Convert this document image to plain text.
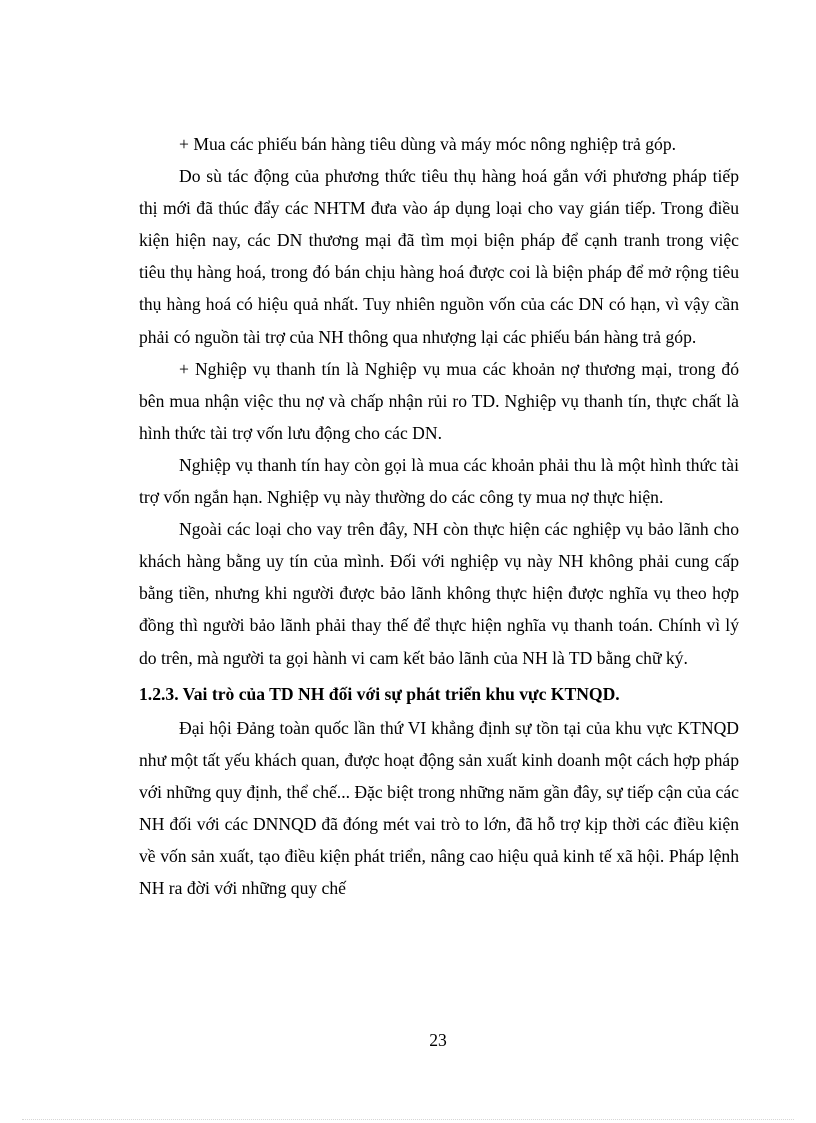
+ Mua các phiếu bán hàng tiêu dùng và máy móc nông nghiệp trả góp.

Do sù tác động của phương thức tiêu thụ hàng hoá gắn với phương pháp tiếp thị mới đã thúc đẩy các NHTM đưa vào áp dụng loại cho vay gián tiếp. Trong điều kiện hiện nay, các DN thương mại đã tìm mọi biện pháp để cạnh tranh trong việc tiêu thụ hàng hoá, trong đó bán chịu hàng hoá được coi là biện pháp để mở rộng tiêu thụ hàng hoá có hiệu quả nhất. Tuy nhiên nguồn vốn của các DN có hạn, vì vậy cần phải có nguồn tài trợ của NH thông qua nhượng lại các phiếu bán hàng trả góp.

+ Nghiệp vụ thanh tín là Nghiệp vụ mua các khoản nợ thương mại, trong đó bên mua nhận việc thu nợ và chấp nhận rủi ro TD. Nghiệp vụ thanh tín, thực chất là hình thức tài trợ vốn lưu động cho các DN.

Nghiệp vụ thanh tín hay còn gọi là mua các khoản phải thu là một hình thức tài trợ vốn ngắn hạn. Nghiệp vụ này thường do các công ty mua nợ thực hiện.

Ngoài các loại cho vay trên đây, NH còn thực hiện các nghiệp vụ bảo lãnh cho khách hàng bằng uy tín của mình. Đối với nghiệp vụ này NH không phải cung cấp bằng tiền, nhưng khi người được bảo lãnh không thực hiện được nghĩa vụ theo hợp đồng thì người bảo lãnh phải thay thế để thực hiện nghĩa vụ thanh toán. Chính vì lý do trên, mà người ta gọi hành vi cam kết bảo lãnh của NH là TD bằng chữ ký.

1.2.3. Vai trò của TD NH đối với sự phát triển khu vực KTNQD.

Đại hội Đảng toàn quốc lần thứ VI khẳng định sự tồn tại của khu vực KTNQD như một tất yếu khách quan, được hoạt động sản xuất kinh doanh một cách hợp pháp với những quy định, thể chế... Đặc biệt trong những năm gần đây, sự tiếp cận của các NH đối với các DNNQD đã đóng mét vai trò to lớn, đã hỗ trợ kịp thời các điều kiện về vốn sản xuất, tạo điều kiện phát triển, nâng cao hiệu quả kinh tế xã hội. Pháp lệnh NH ra đời với những quy chế

23
